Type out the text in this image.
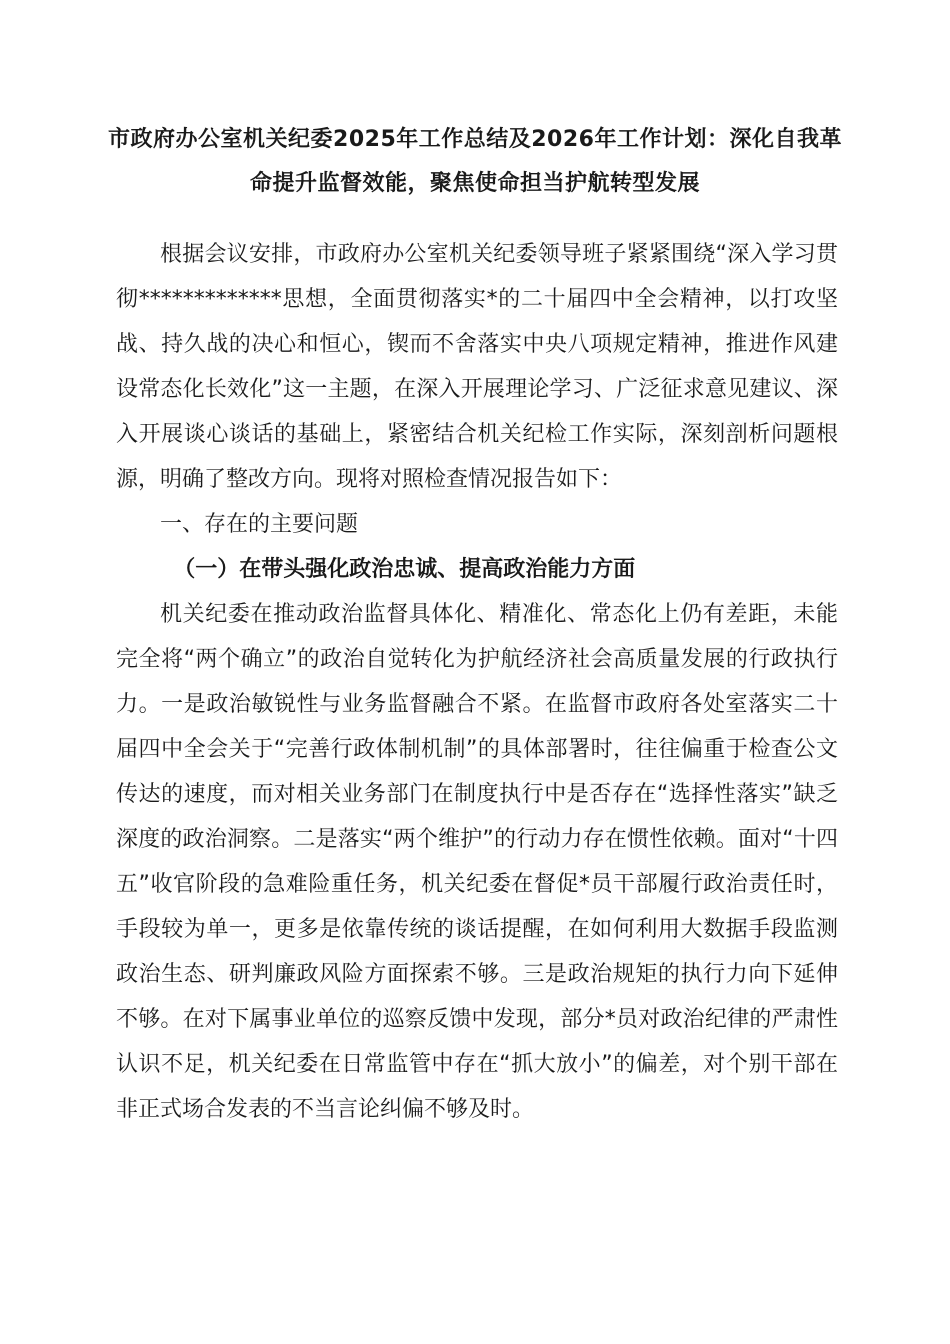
市政府办公室机关纪委2025年工作总结及2026年工作计划：深化自我革命提升监督效能，聚焦使命担当护航转型发展

根据会议安排，市政府办公室机关纪委领导班子紧紧围绕“深入学习贯彻*************思想，全面贯彻落实*的二十届四中全会精神，以打攻坚战、持久战的决心和恒心，锲而不舍落实中央八项规定精神，推进作风建设常态化长效化”这一主题，在深入开展理论学习、广泛征求意见建议、深入开展谈心谈话的基础上，紧密结合机关纪检工作实际，深刻剖析问题根源，明确了整改方向。现将对照检查情况报告如下：

一、存在的主要问题

（一）在带头强化政治忠诚、提高政治能力方面

机关纪委在推动政治监督具体化、精准化、常态化上仍有差距，未能完全将“两个确立”的政治自觉转化为护航经济社会高质量发展的行政执行力。一是政治敏锐性与业务监督融合不紧。在监督市政府各处室落实二十届四中全会关于“完善行政体制机制”的具体部署时，往往偏重于检查公文传达的速度，而对相关业务部门在制度执行中是否存在“选择性落实”缺乏深度的政治洞察。二是落实“两个维护”的行动力存在惯性依赖。面对“十四五”收官阶段的急难险重任务，机关纪委在督促*员干部履行政治责任时，手段较为单一，更多是依靠传统的谈话提醒，在如何利用大数据手段监测政治生态、研判廉政风险方面探索不够。三是政治规矩的执行力向下延伸不够。在对下属事业单位的巡察反馈中发现，部分*员对政治纪律的严肃性认识不足，机关纪委在日常监管中存在“抓大放小”的偏差，对个别干部在非正式场合发表的不当言论纠偏不够及时。
